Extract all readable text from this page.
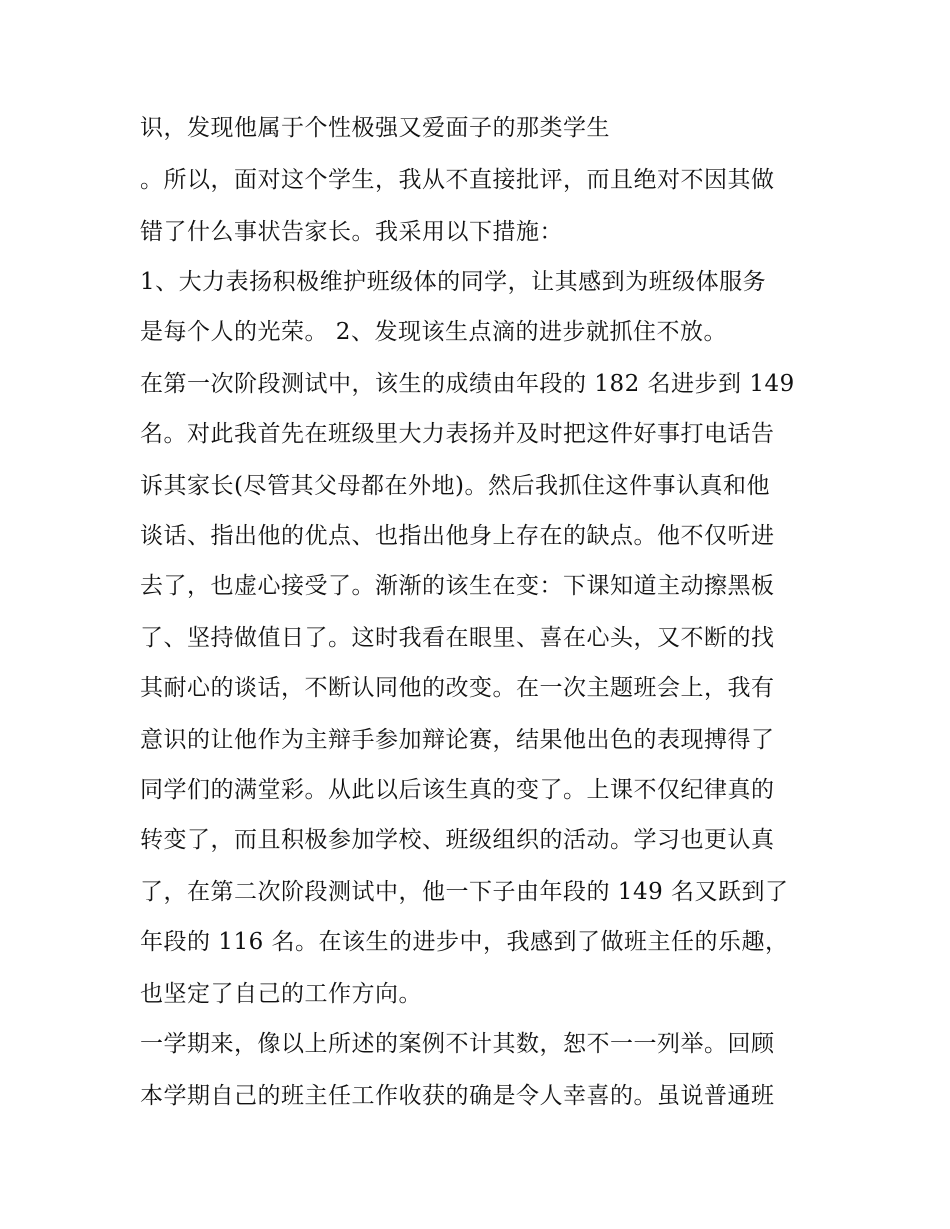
识，发现他属于个性极强又爱面子的那类学生
。所以，面对这个学生，我从不直接批评，而且绝对不因其做
错了什么事状告家长。我采用以下措施：
1、大力表扬积极维护班级体的同学，让其感到为班级体服务
是每个人的光荣。 2、发现该生点滴的进步就抓住不放。
在第一次阶段测试中，该生的成绩由年段的 182 名进步到 149
名。对此我首先在班级里大力表扬并及时把这件好事打电话告
诉其家长(尽管其父母都在外地)。然后我抓住这件事认真和他
谈话、指出他的优点、也指出他身上存在的缺点。他不仅听进
去了，也虚心接受了。渐渐的该生在变：下课知道主动擦黑板
了、坚持做值日了。这时我看在眼里、喜在心头，又不断的找
其耐心的谈话，不断认同他的改变。在一次主题班会上，我有
意识的让他作为主辩手参加辩论赛，结果他出色的表现搏得了
同学们的满堂彩。从此以后该生真的变了。上课不仅纪律真的
转变了，而且积极参加学校、班级组织的活动。学习也更认真
了，在第二次阶段测试中，他一下子由年段的 149 名又跃到了
年段的 116 名。在该生的进步中，我感到了做班主任的乐趣，
也坚定了自己的工作方向。
一学期来，像以上所述的案例不计其数，恕不一一列举。回顾
本学期自己的班主任工作收获的确是令人幸喜的。虽说普通班
